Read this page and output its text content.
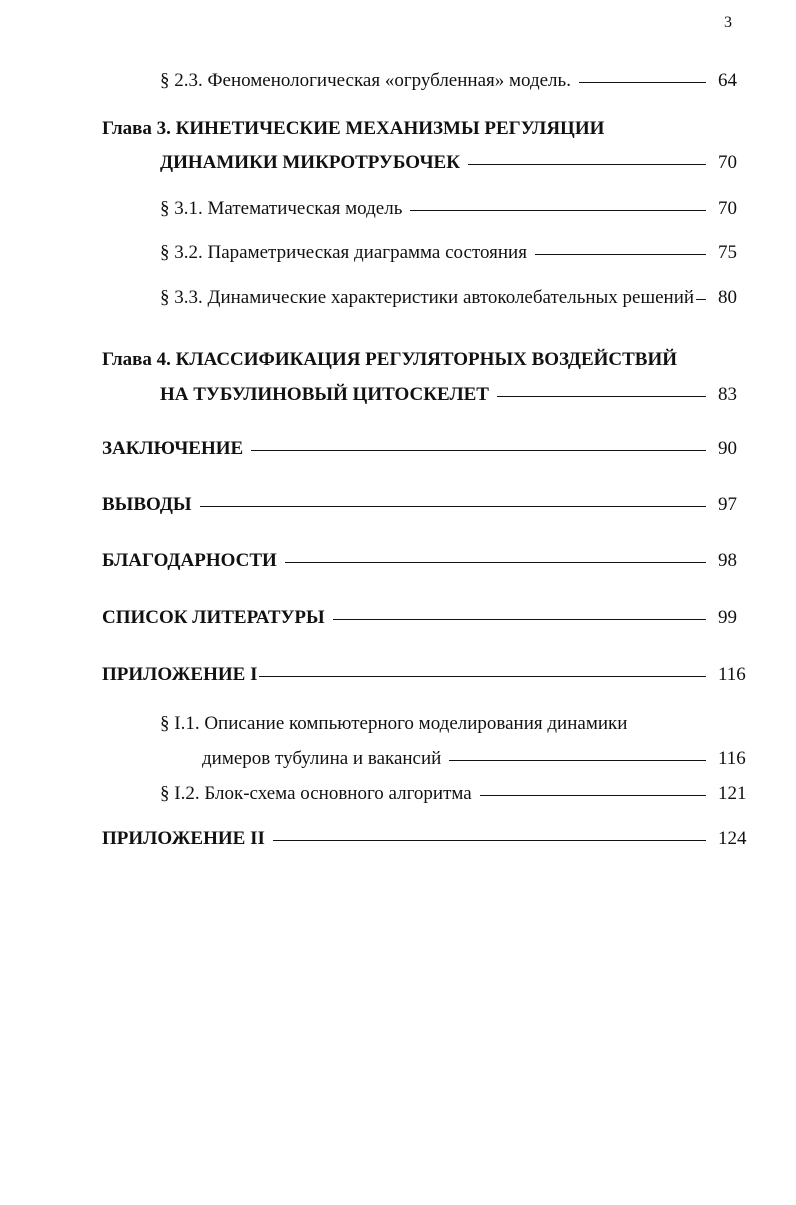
3
§ 2.3. Феноменологическая «огрубленная» модель.	64
Глава 3. КИНЕТИЧЕСКИЕ МЕХАНИЗМЫ РЕГУЛЯЦИИ
ДИНАМИКИ МИКРОТРУБОЧЕК	70
§ 3.1. Математическая модель	70
§ 3.2. Параметрическая диаграмма состояния	75
§ 3.3. Динамические характеристики автоколебательных решений 80
Глава 4. КЛАССИФИКАЦИЯ РЕГУЛЯТОРНЫХ ВОЗДЕЙСТВИЙ
НА ТУБУЛИНОВЫЙ ЦИТОСКЕЛЕТ	83
ЗАКЛЮЧЕНИЕ	90
ВЫВОДЫ	97
БЛАГОДАРНОСТИ	98
СПИСОК ЛИТЕРАТУРЫ	99
ПРИЛОЖЕНИЕ I	116
§ I.1. Описание компьютерного моделирования динамики
димеров тубулина и вакансий	116
§ I.2. Блок-схема основного алгоритма	121
ПРИЛОЖЕНИЕ II	124
